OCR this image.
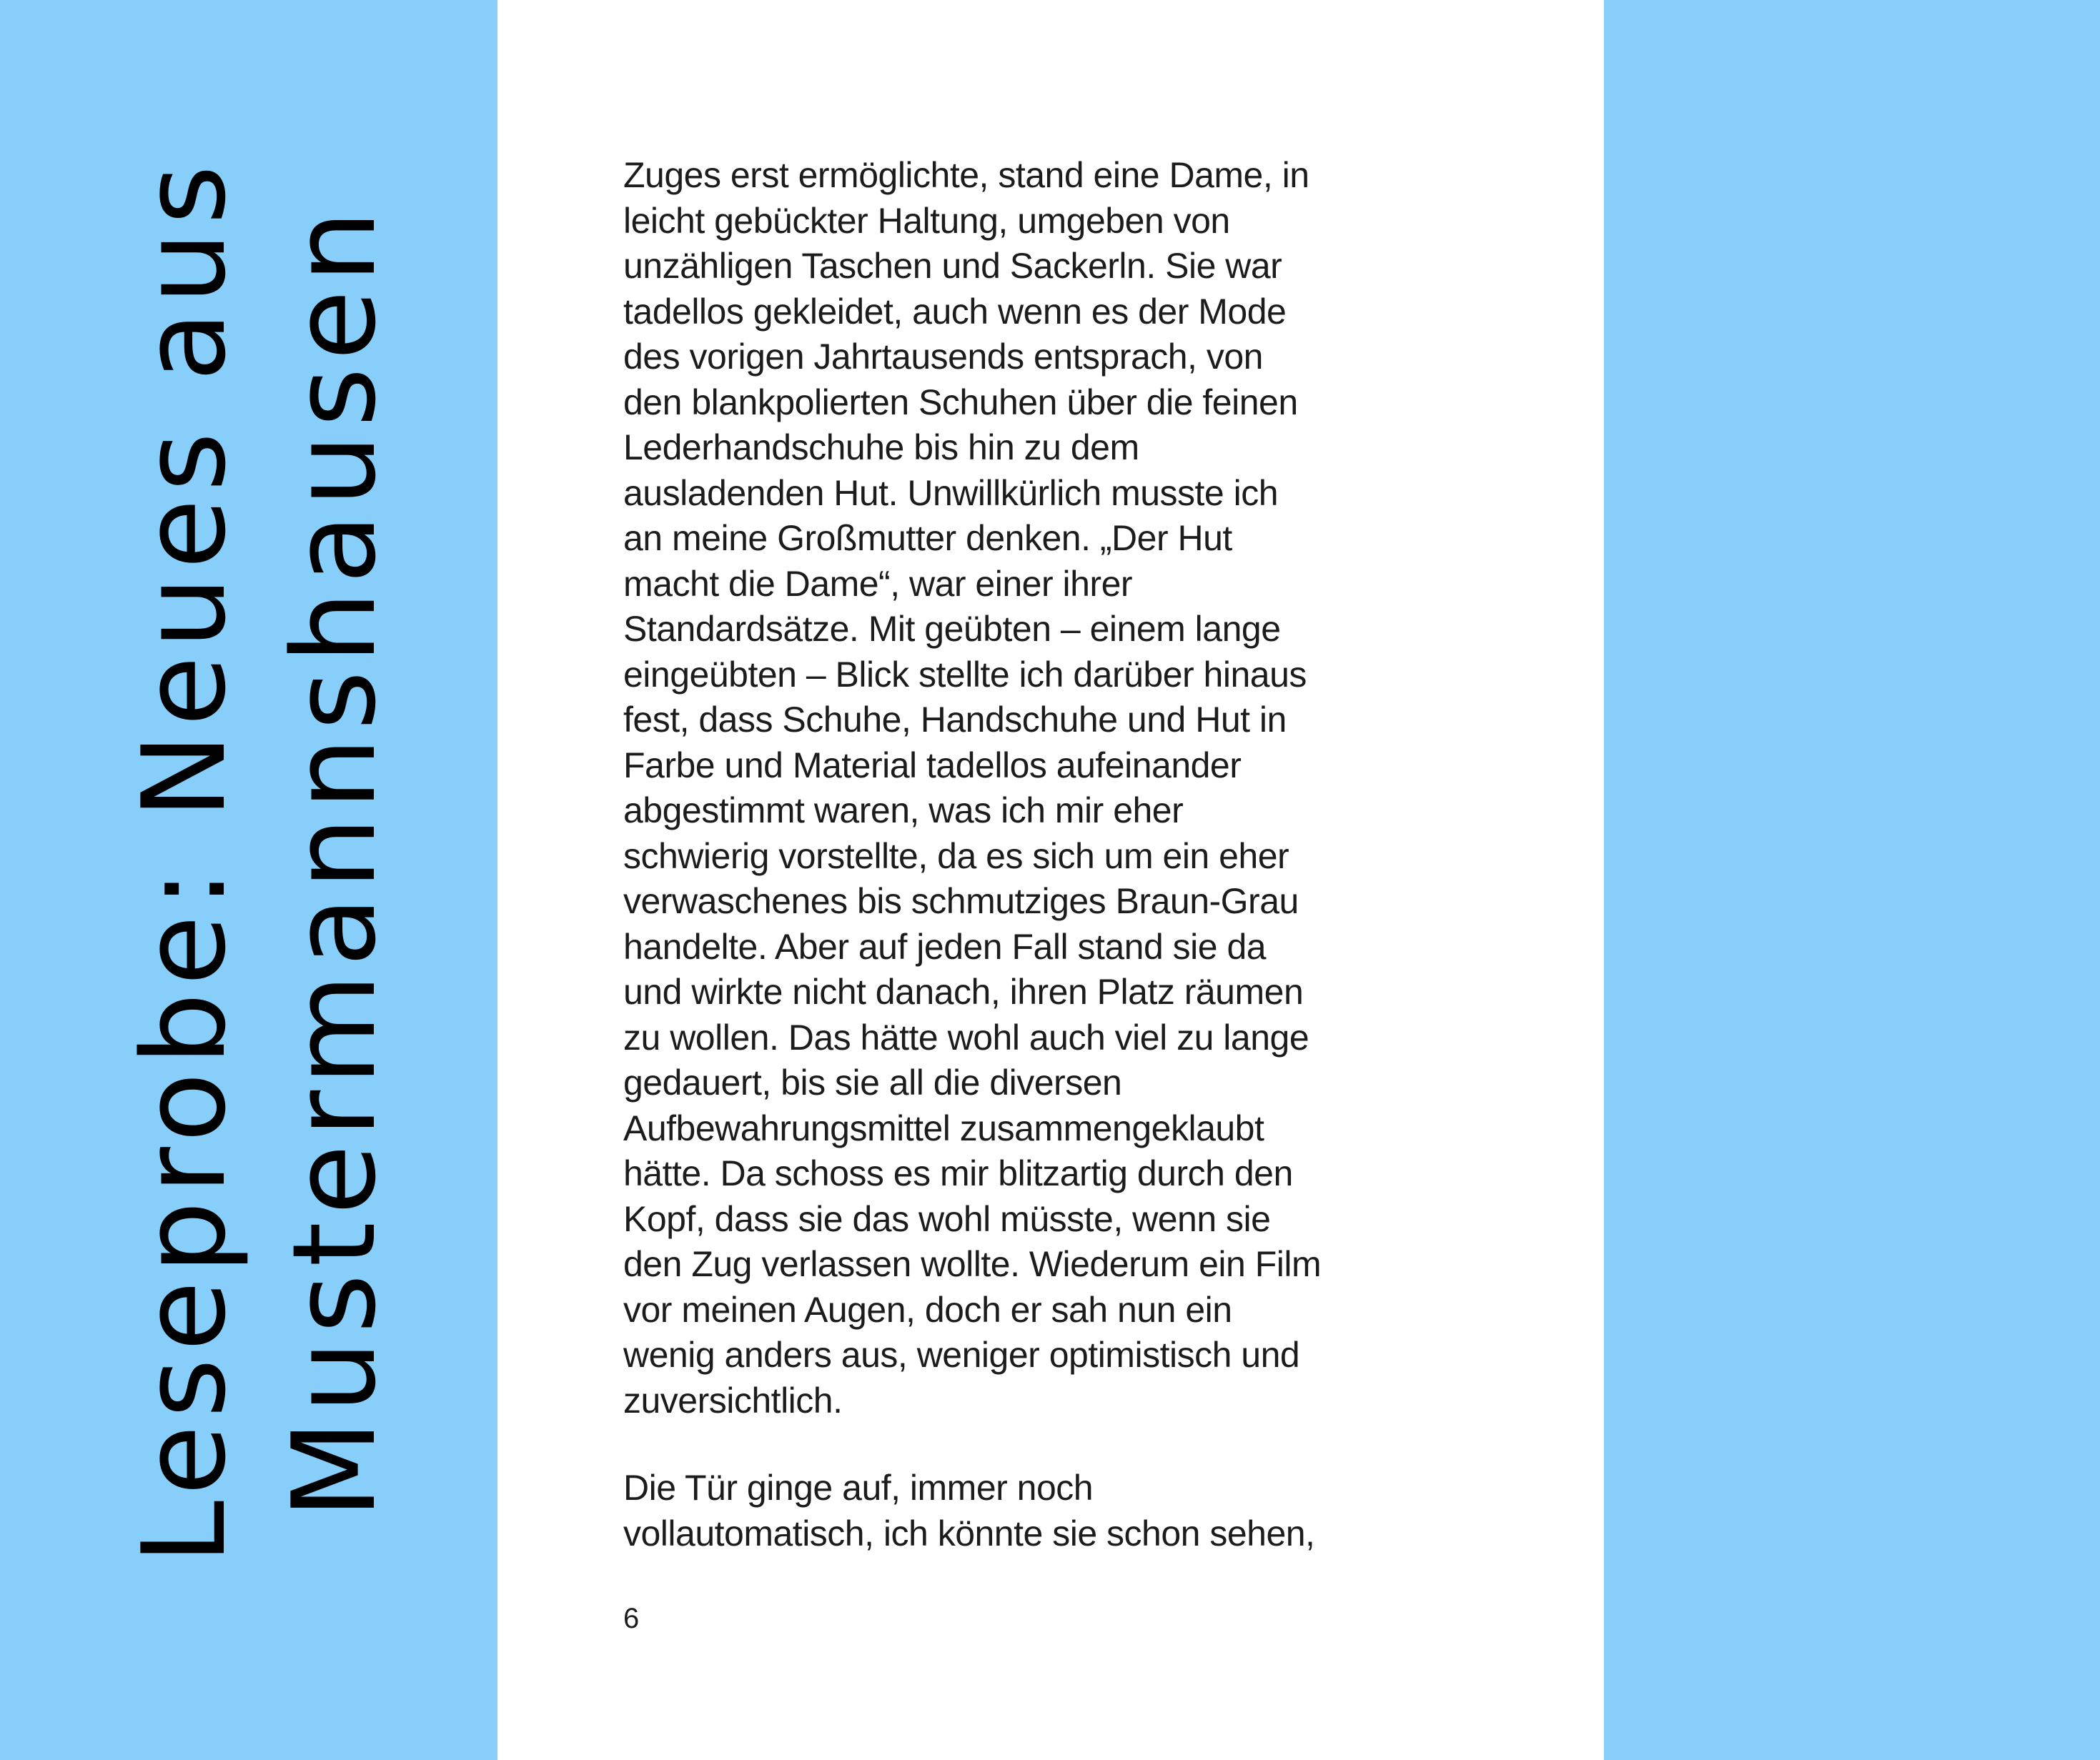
Leseprobe: Neues aus Mustermannshausen

Zuges erst ermöglichte, stand eine Dame, in
leicht gebückter Haltung, umgeben von
unzähligen Taschen und Sackerln. Sie war
tadellos gekleidet, auch wenn es der Mode
des vorigen Jahrtausends entsprach, von
den blankpolierten Schuhen über die feinen
Lederhandschuhe bis hin zu dem
ausladenden Hut. Unwillkürlich musste ich
an meine Großmutter denken. „Der Hut
macht die Dame“, war einer ihrer
Standardsätze. Mit geübten – einem lange
eingeübten – Blick stellte ich darüber hinaus
fest, dass Schuhe, Handschuhe und Hut in
Farbe und Material tadellos aufeinander
abgestimmt waren, was ich mir eher
schwierig vorstellte, da es sich um ein eher
verwaschenes bis schmutziges Braun-Grau
handelte. Aber auf jeden Fall stand sie da
und wirkte nicht danach, ihren Platz räumen
zu wollen. Das hätte wohl auch viel zu lange
gedauert, bis sie all die diversen
Aufbewahrungsmittel zusammengeklaubt
hätte. Da schoss es mir blitzartig durch den
Kopf, dass sie das wohl müsste, wenn sie
den Zug verlassen wollte. Wiederum ein Film
vor meinen Augen, doch er sah nun ein
wenig anders aus, weniger optimistisch und
zuversichtlich.

Die Tür ginge auf, immer noch
vollautomatisch, ich könnte sie schon sehen,

6
